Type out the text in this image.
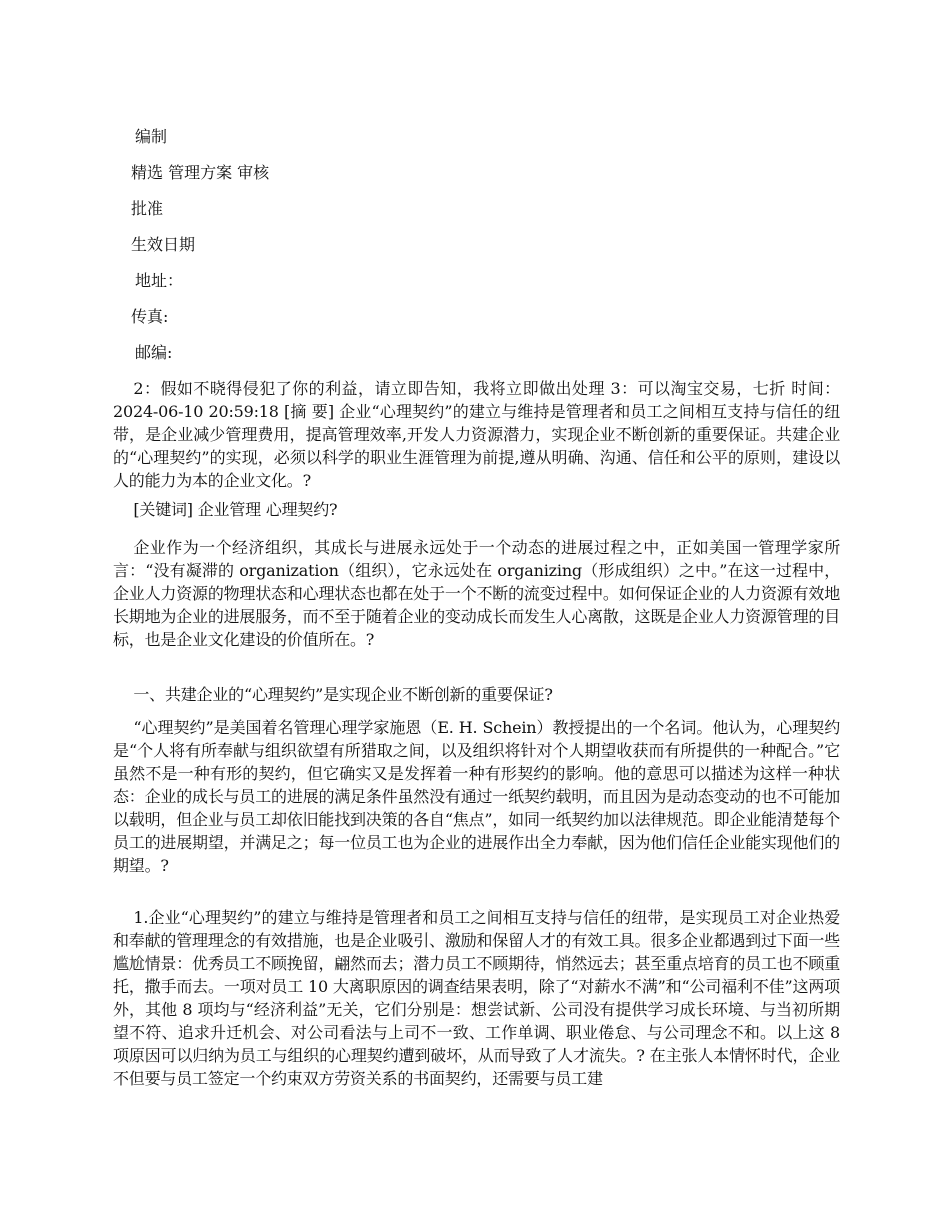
编制
精选 管理方案 审核
批准
生效日期
地址：
传真:
邮编:

2：假如不晓得侵犯了你的利益，请立即告知，我将立即做出处理 3：可以淘宝交易，七折 时间：2024-06-10 20:59:18 [摘 要] 企业“心理契约”的建立与维持是管理者和员工之间相互支持与信任的纽带，是企业减少管理费用，提高管理效率,开发人力资源潜力，实现企业不断创新的重要保证。共建企业的“心理契约”的实现，必须以科学的职业生涯管理为前提,遵从明确、沟通、信任和公平的原则，建设以人的能力为本的企业文化。?

[关键词] 企业管理 心理契约?

企业作为一个经济组织，其成长与进展永远处于一个动态的进展过程之中，正如美国一管理学家所言：“没有凝滞的 organization（组织），它永远处在 organizing（形成组织）之中。”在这一过程中，企业人力资源的物理状态和心理状态也都在处于一个不断的流变过程中。如何保证企业的人力资源有效地长期地为企业的进展服务，而不至于随着企业的变动成长而发生人心离散，这既是企业人力资源管理的目标，也是企业文化建设的价值所在。?

一、共建企业的“心理契约”是实现企业不断创新的重要保证?

“心理契约”是美国着名管理心理学家施恩（E. H. Schein）教授提出的一个名词。他认为，心理契约是“个人将有所奉献与组织欲望有所猎取之间，以及组织将针对个人期望收获而有所提供的一种配合。”它虽然不是一种有形的契约，但它确实又是发挥着一种有形契约的影响。他的意思可以描述为这样一种状态：企业的成长与员工的进展的满足条件虽然没有通过一纸契约载明，而且因为是动态变动的也不可能加以载明，但企业与员工却依旧能找到决策的各自“焦点”，如同一纸契约加以法律规范。即企业能清楚每个员工的进展期望，并满足之；每一位员工也为企业的进展作出全力奉献，因为他们信任企业能实现他们的期望。?

1.企业“心理契约”的建立与维持是管理者和员工之间相互支持与信任的纽带，是实现员工对企业热爱和奉献的管理理念的有效措施，也是企业吸引、激励和保留人才的有效工具。很多企业都遇到过下面一些尴尬情景：优秀员工不顾挽留，翩然而去；潜力员工不顾期待，悄然远去；甚至重点培育的员工也不顾重托，撒手而去。一项对员工 10 大离职原因的调查结果表明，除了“对薪水不满”和“公司福利不佳”这两项外，其他 8 项均与“经济利益”无关，它们分别是：想尝试新、公司没有提供学习成长环境、与当初所期望不符、追求升迁机会、对公司看法与上司不一致、工作单调、职业倦怠、与公司理念不和。以上这 8 项原因可以归纳为员工与组织的心理契约遭到破坏，从而导致了人才流失。? 在主张人本情怀时代，企业不但要与员工签定一个约束双方劳资关系的书面契约，还需要与员工建
